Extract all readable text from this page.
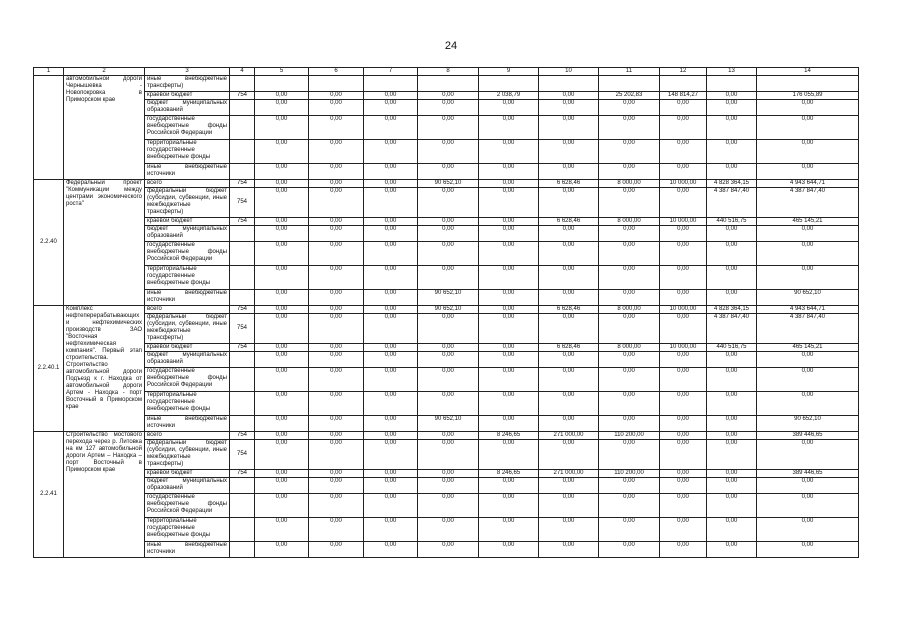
24
1	2	3	4	5	6	7	8	9	10	11	12	13	14
	автомобильной дороги Чернышевка - Новопокровка в Приморском крае	иные внебюджетные трансферты)											
		краевой бюджет	754	0,00	0,00	0,00	0,00	2 038,79	0,00	25 202,83	148 814,27	0,00	176 055,89
		бюджет муниципальных образований		0,00	0,00	0,00	0,00	0,00	0,00	0,00	0,00	0,00	0,00
		государственные внебюджетные фонды Российской Федерации		0,00	0,00	0,00	0,00	0,00	0,00	0,00	0,00	0,00	0,00
		территориальные государственные внебюджетные фонды		0,00	0,00	0,00	0,00	0,00	0,00	0,00	0,00	0,00	0,00
		иные внебюджетные источники		0,00	0,00	0,00	0,00	0,00	0,00	0,00	0,00	0,00	0,00
2.2.40	Федеральный проект "Коммуникации между центрами экономического роста"	всего	754	0,00	0,00	0,00	90 652,10	0,00	6 628,46	8 000,00	10 000,00	4 828 364,15	4 943 644,71
		федеральный бюджет (субсидии, субвенции, иные межбюджетные трансферты)	754	0,00	0,00	0,00	0,00	0,00	0,00	0,00	0,00	4 387 847,40	4 387 847,40
		краевой бюджет	754	0,00	0,00	0,00	0,00	0,00	6 628,46	8 000,00	10 000,00	440 516,75	465 145,21
		бюджет муниципальных образований		0,00	0,00	0,00	0,00	0,00	0,00	0,00	0,00	0,00	0,00
		государственные внебюджетные фонды Российской Федерации		0,00	0,00	0,00	0,00	0,00	0,00	0,00	0,00	0,00	0,00
		территориальные государственные внебюджетные фонды		0,00	0,00	0,00	0,00	0,00	0,00	0,00	0,00	0,00	0,00
		иные внебюджетные источники		0,00	0,00	0,00	90 652,10	0,00	0,00	0,00	0,00	0,00	90 652,10
2.2.40.1	Комплекс нефтеперерабатывающих и нефтехимических производств ЗАО "Восточная нефтехимическая компания". Первый этап строительства. Строительство автомобильной дороги Подъезд к г. Находка от автомобильной дороги Артем - Находка - порт Восточный в Приморском крае	всего	754	0,00	0,00	0,00	90 652,10	0,00	6 628,46	8 000,00	10 000,00	4 828 364,15	4 943 644,71
		федеральный бюджет (субсидии, субвенции, иные межбюджетные трансферты)	754	0,00	0,00	0,00	0,00	0,00	0,00	0,00	0,00	4 387 847,40	4 387 847,40
		краевой бюджет	754	0,00	0,00	0,00	0,00	0,00	6 628,46	8 000,00	10 000,00	440 516,75	465 145,21
		бюджет муниципальных образований		0,00	0,00	0,00	0,00	0,00	0,00	0,00	0,00	0,00	0,00
		государственные внебюджетные фонды Российской Федерации		0,00	0,00	0,00	0,00	0,00	0,00	0,00	0,00	0,00	0,00
		территориальные государственные внебюджетные фонды		0,00	0,00	0,00	0,00	0,00	0,00	0,00	0,00	0,00	0,00
		иные внебюджетные источники		0,00	0,00	0,00	90 652,10	0,00	0,00	0,00	0,00	0,00	90 652,10
2.2.41	Строительство мостового перехода через р. Литовка на км 127 автомобильной дороги Артем – Находка – порт Восточный в Приморском крае	всего	754	0,00	0,00	0,00	0,00	8 246,65	271 000,00	110 200,00	0,00	0,00	389 446,65
		федеральный бюджет (субсидии, субвенции, иные межбюджетные трансферты)	754	0,00	0,00	0,00	0,00	0,00	0,00	0,00	0,00	0,00	0,00
		краевой бюджет	754	0,00	0,00	0,00	0,00	8 246,65	271 000,00	110 200,00	0,00	0,00	389 446,65
		бюджет муниципальных образований		0,00	0,00	0,00	0,00	0,00	0,00	0,00	0,00	0,00	0,00
		государственные внебюджетные фонды Российской Федерации		0,00	0,00	0,00	0,00	0,00	0,00	0,00	0,00	0,00	0,00
		территориальные государственные внебюджетные фонды		0,00	0,00	0,00	0,00	0,00	0,00	0,00	0,00	0,00	0,00
		иные внебюджетные источники		0,00	0,00	0,00	0,00	0,00	0,00	0,00	0,00	0,00	0,00
